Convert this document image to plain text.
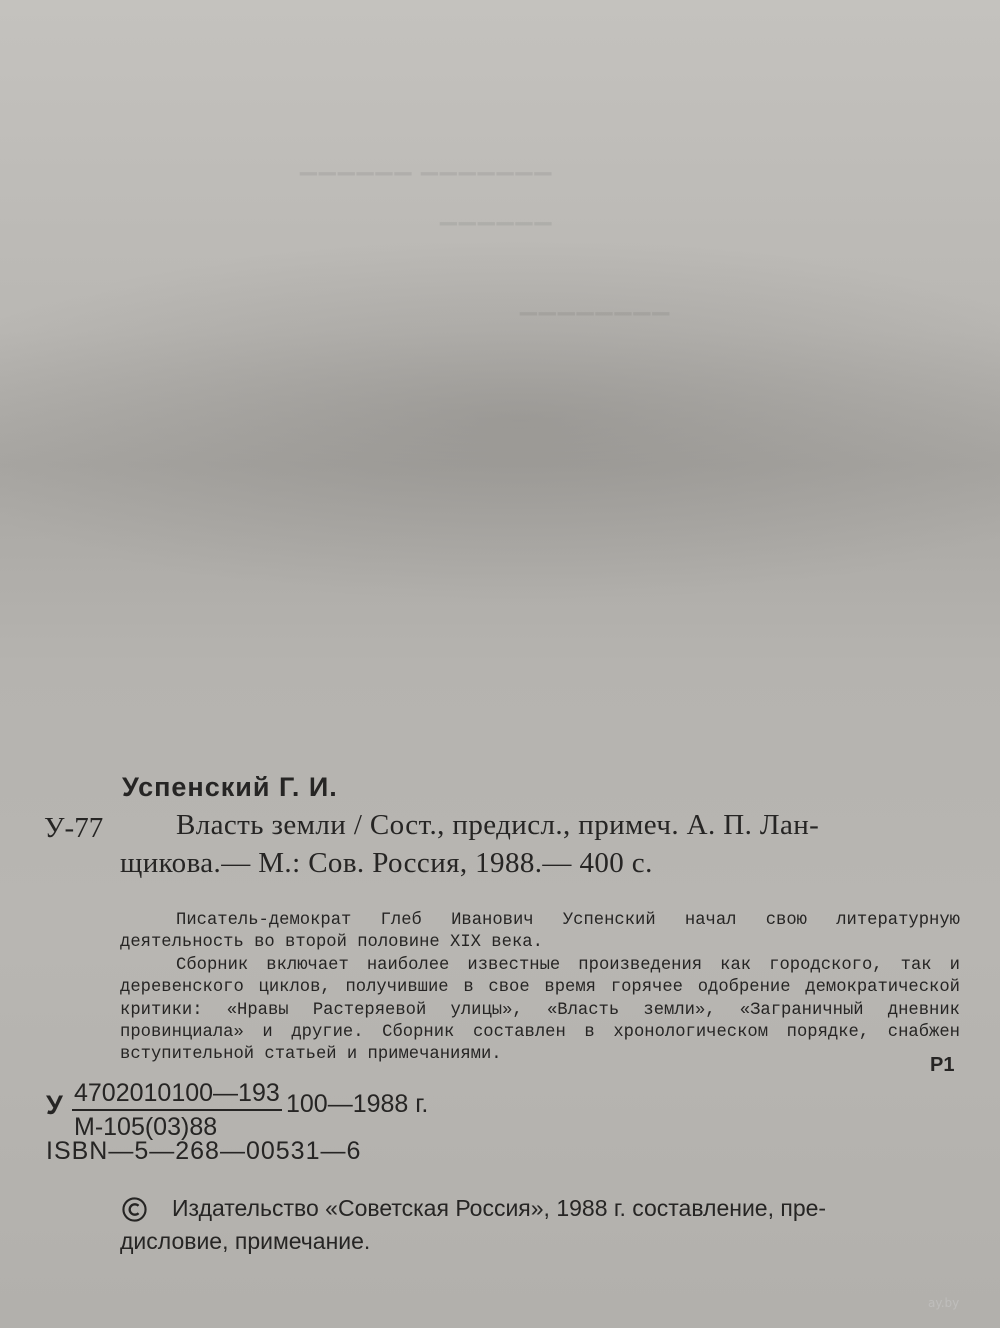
▁▁▁▁▁▁ ▁▁▁▁▁▁▁
▁▁▁▁▁▁
▁▁▁▁▁▁▁▁
Успенский Г. И.
У-77	Власть земли / Сост., предисл., примеч. А. П. Лан-
щикова.— М.: Сов. Россия, 1988.— 400 с.

Писатель-демократ Глеб Иванович Успенский начал свою литературную деятельность во второй половине XIX века.

Сборник включает наиболее известные произведения как городского, так и деревенского циклов, получившие в свое время горячее одобрение демократической критики: «Нравы Растеряевой улицы», «Власть земли», «Заграничный дневник провинциала» и другие. Сборник составлен в хронологическом порядке, снабжен вступительной статьей и примечаниями.	Р1
У 4702010100—193
М-105(03)88
100—1988 г.
ISBN—5—268—00531—6
Издательство «Советская Россия», 1988 г. составление, пре-
дисловие, примечание.
ay.by
